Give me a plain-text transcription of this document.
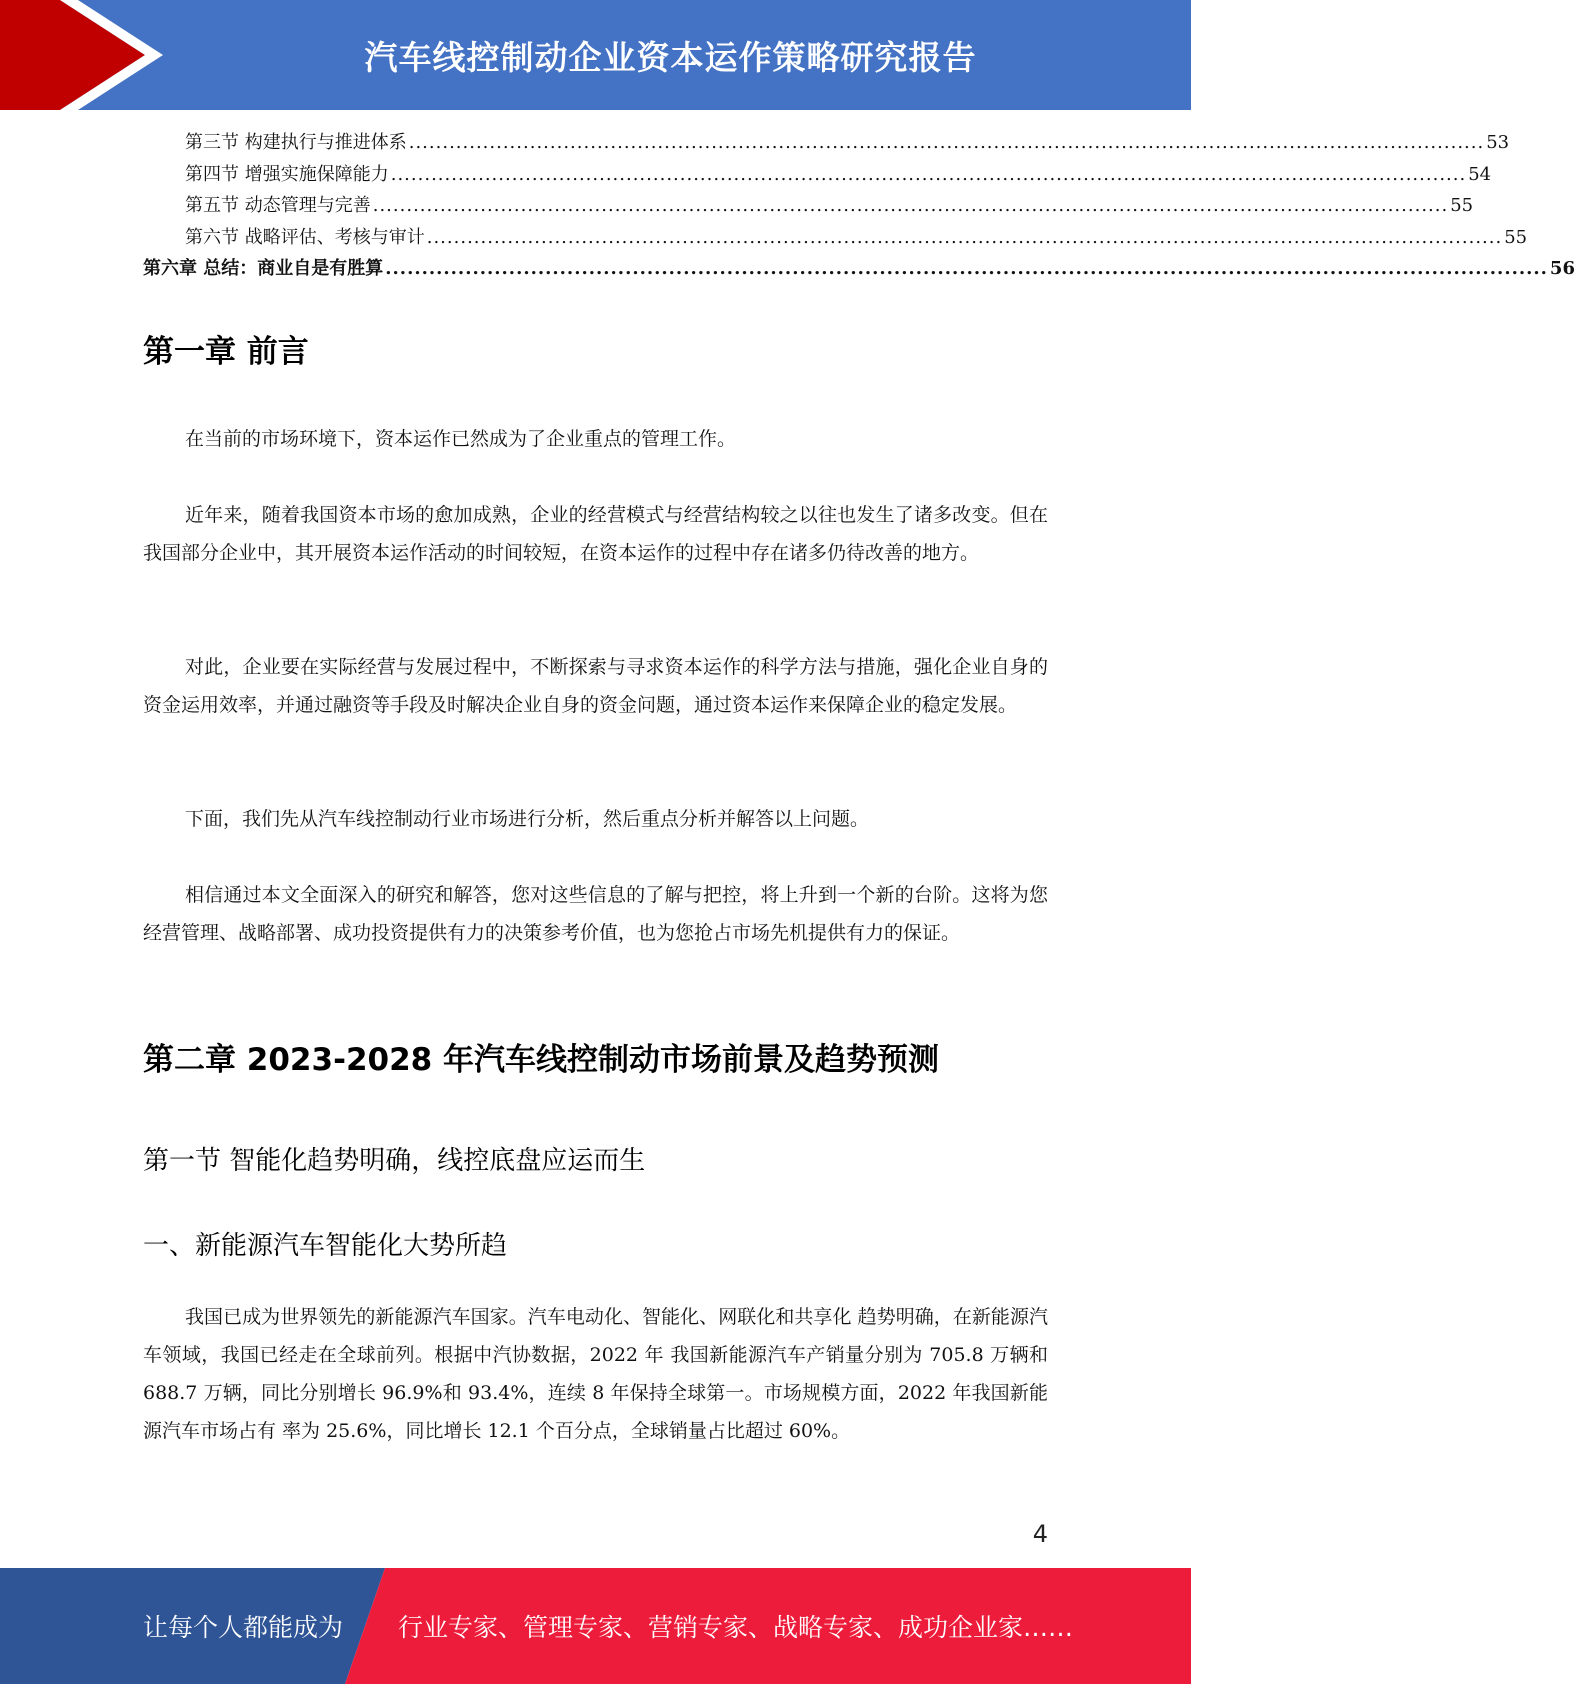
汽车线控制动企业资本运作策略研究报告
第三节 构建执行与推进体系 ................................................................................................................................................................ 53
第四节 增强实施保障能力 ................................................................................................................................................................ 54
第五节 动态管理与完善 ................................................................................................................................................................ 55
第六节 战略评估、考核与审计 ................................................................................................................................................................ 55
第六章 总结：商业自是有胜算 ................................................................................................................................................................ 56
第一章 前言
在当前的市场环境下，资本运作已然成为了企业重点的管理工作。
近年来，随着我国资本市场的愈加成熟，企业的经营模式与经营结构较之以往也发生了诸多改变。但在我国部分企业中，其开展资本运作活动的时间较短，在资本运作的过程中存在诸多仍待改善的地方。
对此，企业要在实际经营与发展过程中，不断探索与寻求资本运作的科学方法与措施，强化企业自身的资金运用效率，并通过融资等手段及时解决企业自身的资金问题，通过资本运作来保障企业的稳定发展。
下面，我们先从汽车线控制动行业市场进行分析，然后重点分析并解答以上问题。
相信通过本文全面深入的研究和解答，您对这些信息的了解与把控，将上升到一个新的台阶。这将为您经营管理、战略部署、成功投资提供有力的决策参考价值，也为您抢占市场先机提供有力的保证。
第二章 2023-2028 年汽车线控制动市场前景及趋势预测
第一节 智能化趋势明确，线控底盘应运而生
一、新能源汽车智能化大势所趋
我国已成为世界领先的新能源汽车国家。汽车电动化、智能化、网联化和共享化 趋势明确，在新能源汽车领域，我国已经走在全球前列。根据中汽协数据，2022 年 我国新能源汽车产销量分别为 705.8 万辆和 688.7 万辆，同比分别增长 96.9%和 93.4%，连续 8 年保持全球第一。市场规模方面，2022 年我国新能源汽车市场占有 率为 25.6%，同比增长 12.1 个百分点，全球销量占比超过 60%。
4
让每个人都能成为 行业专家、管理专家、营销专家、战略专家、成功企业家……
